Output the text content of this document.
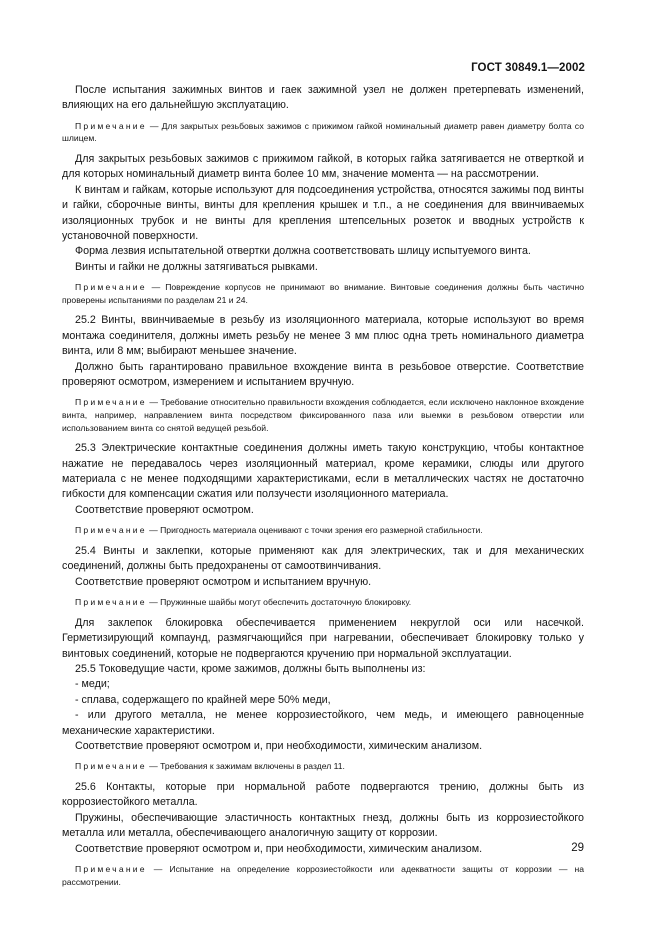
ГОСТ 30849.1—2002

После испытания зажимных винтов и гаек зажимной узел не должен претерпевать изменений, влияющих на его дальнейшую эксплуатацию.

Примечание — Для закрытых резьбовых зажимов с прижимом гайкой номинальный диаметр равен диаметру болта со шлицем.

Для закрытых резьбовых зажимов с прижимом гайкой, в которых гайка затягивается не отверткой и для которых номинальный диаметр винта более 10 мм, значение момента — на рассмотрении.

К винтам и гайкам, которые используют для подсоединения устройства, относятся зажимы под винты и гайки, сборочные винты, винты для крепления крышек и т.п., а не соединения для ввинчиваемых изоляционных трубок и не винты для крепления штепсельных розеток и вводных устройств к установочной поверхности.

Форма лезвия испытательной отвертки должна соответствовать шлицу испытуемого винта.

Винты и гайки не должны затягиваться рывками.

Примечание — Повреждение корпусов не принимают во внимание. Винтовые соединения должны быть частично проверены испытаниями по разделам 21 и 24.

25.2 Винты, ввинчиваемые в резьбу из изоляционного материала, которые используют во время монтажа соединителя, должны иметь резьбу не менее 3 мм плюс одна треть номинального диаметра винта, или 8 мм; выбирают меньшее значение.

Должно быть гарантировано правильное вхождение винта в резьбовое отверстие. Соответствие проверяют осмотром, измерением и испытанием вручную.

Примечание — Требование относительно правильности вхождения соблюдается, если исключено наклонное вхождение винта, например, направлением винта посредством фиксированного паза или выемки в резьбовом отверстии или использованием винта со снятой ведущей резьбой.

25.3 Электрические контактные соединения должны иметь такую конструкцию, чтобы контактное нажатие не передавалось через изоляционный материал, кроме керамики, слюды или другого материала с не менее подходящими характеристиками, если в металлических частях не достаточно гибкости для компенсации сжатия или ползучести изоляционного материала.

Соответствие проверяют осмотром.

Примечание — Пригодность материала оценивают с точки зрения его размерной стабильности.

25.4 Винты и заклепки, которые применяют как для электрических, так и для механических соединений, должны быть предохранены от самоотвинчивания.

Соответствие проверяют осмотром и испытанием вручную.

Примечание — Пружинные шайбы могут обеспечить достаточную блокировку.

Для заклепок блокировка обеспечивается применением некруглой оси или насечкой. Герметизирующий компаунд, размягчающийся при нагревании, обеспечивает блокировку только у винтовых соединений, которые не подвергаются кручению при нормальной эксплуатации.

25.5 Токоведущие части, кроме зажимов, должны быть выполнены из:

- меди;

- сплава, содержащего по крайней мере 50% меди,

- или другого металла, не менее коррозиестойкого, чем медь, и имеющего равноценные механические характеристики.

Соответствие проверяют осмотром и, при необходимости, химическим анализом.

Примечание — Требования к зажимам включены в раздел 11.

25.6 Контакты, которые при нормальной работе подвергаются трению, должны быть из коррозиестойкого металла.

Пружины, обеспечивающие эластичность контактных гнезд, должны быть из коррозиестойкого металла или металла, обеспечивающего аналогичную защиту от коррозии.

Соответствие проверяют осмотром и, при необходимости, химическим анализом.

Примечание — Испытание на определение коррозиестойкости или адекватности защиты от коррозии — на рассмотрении.

29
